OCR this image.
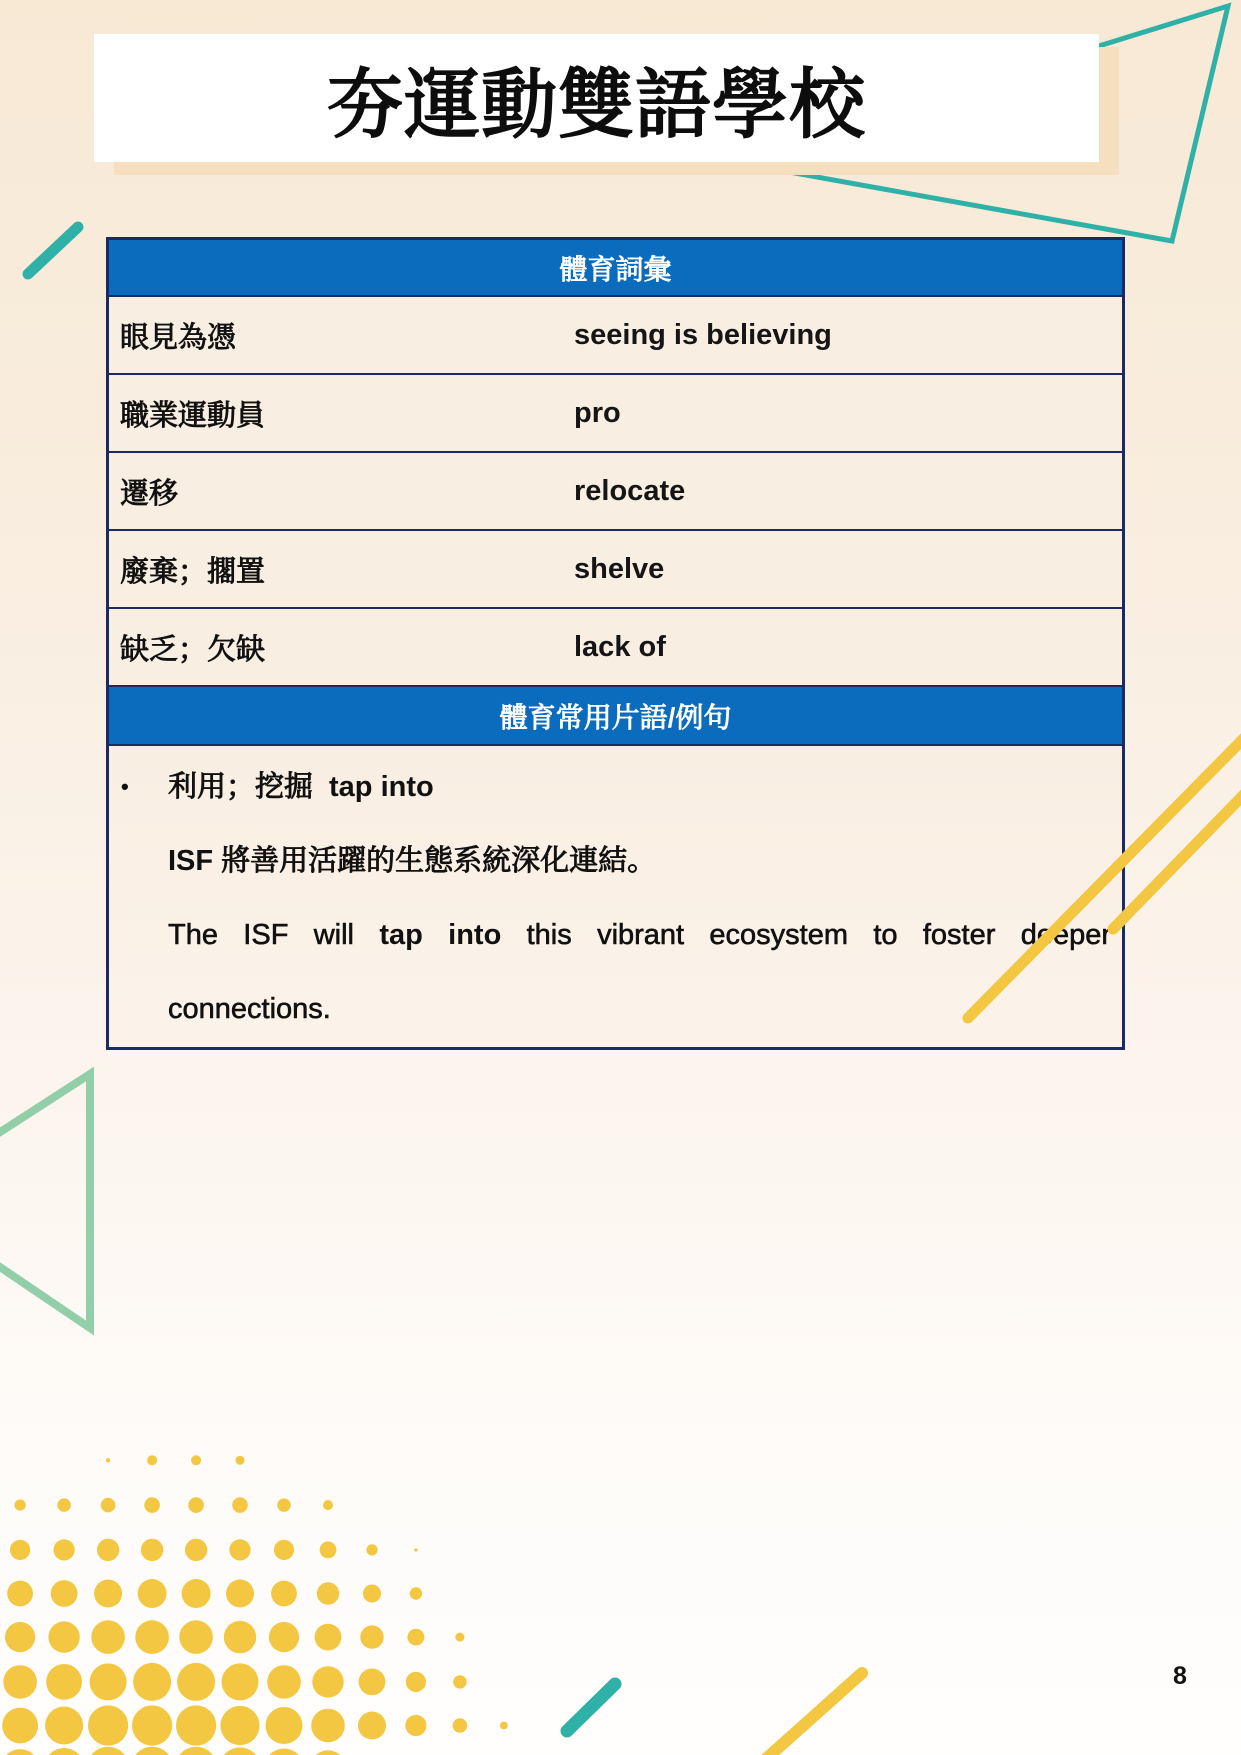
夯運動雙語學校
體育詞彙
眼見為憑	seeing is believing
職業運動員	pro
遷移	relocate
廢棄；擱置	shelve
缺乏；欠缺	lack of
體育常用片語/例句
• 利用；挖掘 tap into
ISF 將善用活躍的生態系統深化連結。
The ISF will tap into this vibrant ecosystem to foster deeper
connections.
8
